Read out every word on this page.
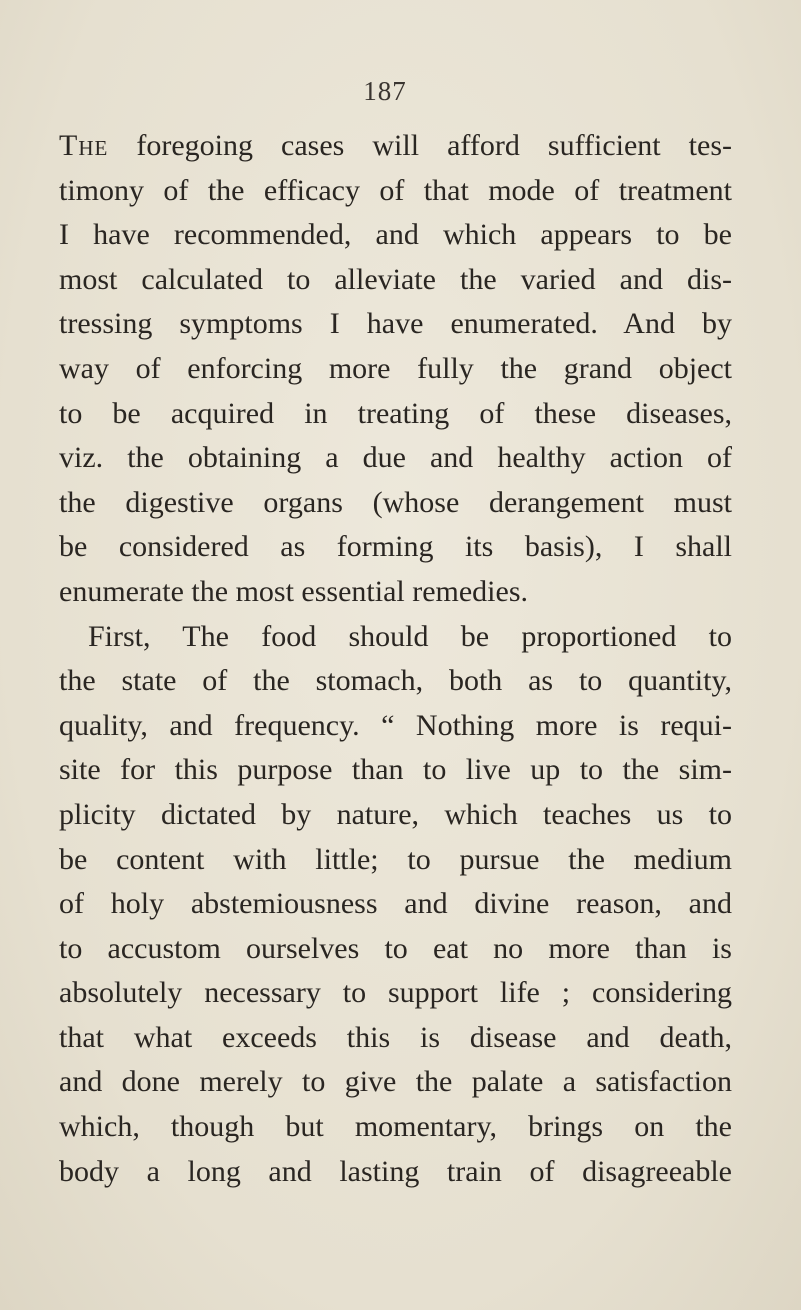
187
The foregoing cases will afford sufficient tes-
timony of the efficacy of that mode of treatment
I have recommended, and which appears to be
most calculated to alleviate the varied and dis-
tressing symptoms I have enumerated. And by
way of enforcing more fully the grand object
to be acquired in treating of these diseases,
viz. the obtaining a due and healthy action of
the digestive organs (whose derangement must
be considered as forming its basis), I shall
enumerate the most essential remedies.
First, The food should be proportioned to
the state of the stomach, both as to quantity,
quality, and frequency. “ Nothing more is requi-
site for this purpose than to live up to the sim-
plicity dictated by nature, which teaches us to
be content with little; to pursue the medium
of holy abstemiousness and divine reason, and
to accustom ourselves to eat no more than is
absolutely necessary to support life ; considering
that what exceeds this is disease and death,
and done merely to give the palate a satisfaction
which, though but momentary, brings on the
body a long and lasting train of disagreeable
